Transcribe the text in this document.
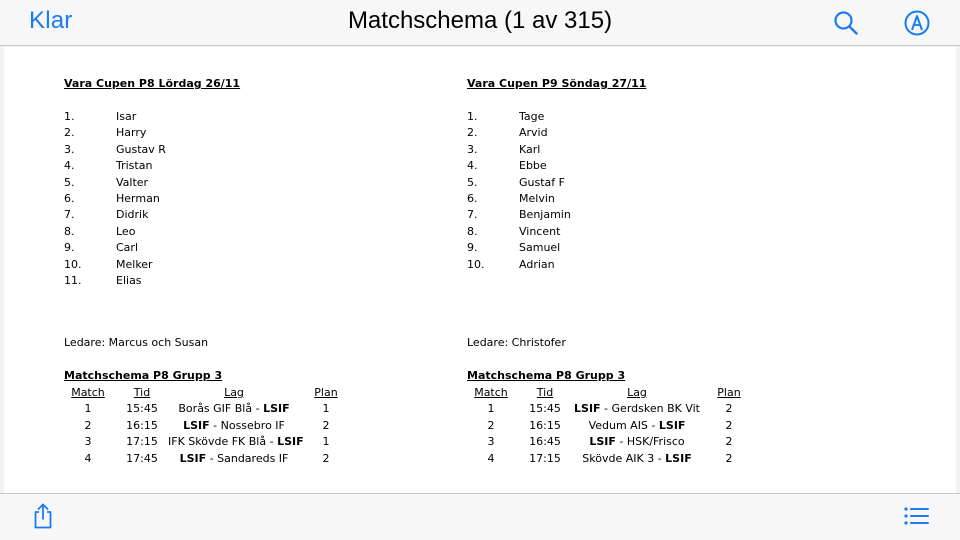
Klar	Matchschema (1 av 315)
Vara Cupen P8 Lördag 26/11
1.	Isar
2.	Harry
3.	Gustav R
4.	Tristan
5.	Valter
6.	Herman
7.	Didrik
8.	Leo
9.	Carl
10.	Melker
11.	Elias
Ledare: Marcus och Susan
Matchschema P8 Grupp 3
Match	Tid	Lag	Plan
1	15:45	Borås GIF Blå - LSIF	1
2	16:15	LSIF - Nossebro IF	2
3	17:15 IFK Skövde FK Blå - LSIF	1
4	17:45	LSIF - Sandareds IF	2
Vara Cupen P9 Söndag 27/11
1.	Tage
2.	Arvid
3.	Karl
4.	Ebbe
5.	Gustaf F
6.	Melvin
7.	Benjamin
8.	Vincent
9.	Samuel
10.	Adrian
Ledare: Christofer
Matchschema P8 Grupp 3
Match	Tid	Lag	Plan
1	15:45	LSIF - Gerdsken BK Vit	2
2	16:15	Vedum AIS - LSIF	2
3	16:45	LSIF - HSK/Frisco	2
4	17:15	Skövde AIK 3 - LSIF	2
